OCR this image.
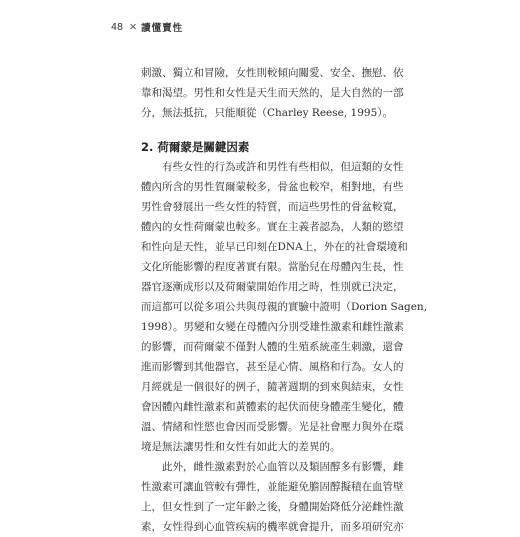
48 ✕ 讀懂賣性
刺激、獨立和冒險，女性則較傾向關愛、安全、撫慰、依
靠和渴望。男性和女性是天生而天然的，是大自然的一部
分，無法抵抗，只能順從（Charley Reese, 1995）。
2. 荷爾蒙是關鍵因素
　　有些女性的行為或許和男性有些相似，但這類的女性
體內所含的男性賀爾蒙較多，骨盆也較窄，相對地，有些
男性會發展出一些女性的特質，而這些男性的骨盆較寬，
體內的女性荷爾蒙也較多。實在主義者認為，人類的慾望
和性向是天性，並早已印刻在DNA上，外在的社會環境和
文化所能影響的程度著實有限。當胎兒在母體內生長，性
器官逐漸成形以及荷爾蒙開始作用之時，性別就已決定，
而這都可以從多項公共與母親的實驗中證明（Dorion Sagen,
1998）。男變和女變在母體內分別受雄性激素和雌性激素
的影響，而荷爾蒙不僅對人體的生殖系統產生刺激，還會
進而影響到其他器官，甚至是心情、風格和行為。女人的
月經就是一個很好的例子，隨著週期的到來與結束，女性
會因體內雌性激素和黃體素的起伏而使身體產生變化，體
溫、情緒和性慾也會因而受影響。光是社會壓力與外在環
境是無法讓男性和女性有如此大的差異的。
　　此外，雌性激素對於心血管以及類固醇多有影響，雌
性激素可讓血管較有彈性，並能避免膽固醇擬積在血管壁
上，但女性到了一定年齡之後，身體開始降低分泌雌性激
素，女性得到心血管疾病的機率就會提升，而多項研究亦
